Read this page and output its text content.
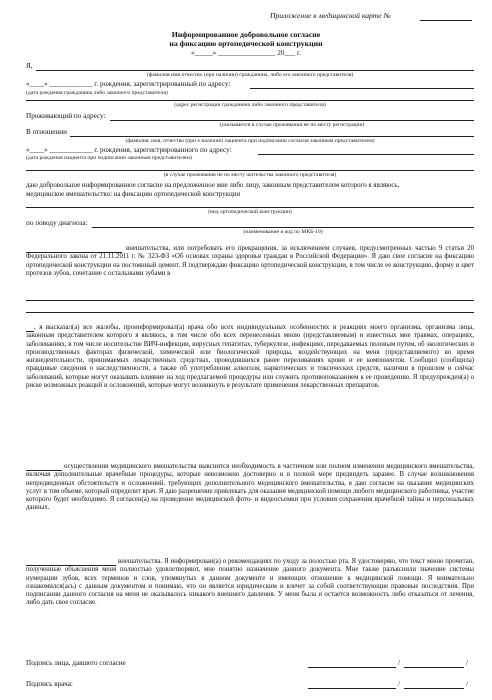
Приложение к медицинской карте №
Информированное добровольное согласие
на фиксацию ортопедической конструкции
«_____» ________________ 20___ г.
Я,
(фамилия имя отчество (при наличии) гражданина, либо его законного представителя)
«____» ____________ г. рождения, зарегистрированный по адресу:
(дата рождения гражданина либо законного представителя)
(адрес регистрации гражданина либо законного представителя)
Проживающий по адресу:
(указывается в случае проживания не по месту регистрации)
В отношении
(фамилия, имя, отчество (при е наличии) пациента при подписании согласия законным представителем)
«____» ____________ г. рождения, зарегистрированного по адресу:
(дата рождения пациента при подписании законным представителем)
(в случае проживания не по месту жительства законного представителя)
даю добровольное информированное согласие на предложенное мне либо лицу, законным представителем которого я являюсь,
медицинское вмешательство: на фиксацию ортопедической конструкции
(вид ортопедической конструкции)
по поводу диагноза:
(наименование и код по МКБ-10)
внешательства, или потребовать его прекращения, за исключением случаев, предусмотренных частью 9 статьи 20 Федерального закона от 21.11.2011 г. № 323-ФЗ «Об основах охраны здоровья граждан в Российской Федерации». Я даю свое согласие на фиксацию ортопедической конструкции на постоянный цемент. Я подтверждаю фиксацию ортопедической конструкции, в том числе ее конструкцию, форму и цвет протезов зубов, сочетание с остальными зубами в
, я высказал(а) все жалобы, проинформировал(а) врача обо всех индивидуальных особенностях и реакциях моего организма, организма лица, законным представителем которого я являюсь, в том числе обо всех перенесенных мною (представляемым) и известных мне травмах, операциях, заболеваниях, в том числе носительстве ВИЧ-инфекции, вирусных гепатитах, туберкулезе, инфекциях, передаваемых половым путем, об экологических и производственных факторах физической, химической или биологической природы, воздействующих на меня (представляемого) во время жизнедеятельности, принимаемых лекарственных средствах, проводившихся ранее переливаниях крови и ее компонентов. Сообщил (сообщила) правдивые сведения о наследственности, а также об употреблении алкоголя, наркотических и токсических средств, наличии в прошлом и сейчас заболеваний, которые могут оказывать влияние на ход предлагаемой процедуры или служить противопоказанием к ее проведению. Я предупрежден(а) о риске возможных реакций и осложнений, которые могут возникнуть в результате применения лекарственных препаратов.
осуществления медицинского вмешательства выяснится необходимость в частичном или полном изменении медицинского вмешательства, включая дополнительные врачебные процедуры, которые невозможно достоверно и в полной мере предвидеть заранее. В случае возникновения непредвиденных обстоятельств и осложнений, требующих дополнительного медицинского вмешательства, я даю согласие на оказание медицинских услуг в том объеме, который определит врач. Я даю разрешение привлекать для оказания медицинской помощи любого медицинского работника, участие которого будет необходимо. Я согласен(а) на проведение медицинской фото- и видеосъемки при условии сохранения врачебной тайны и персональных данных.
внешательства. Я информирован(а) о рекомендациях по уходу за полостью рта. Я удостоверяю, что текст мною прочитан, полученные объяснения меня полностью удовлетворяют, мне понятно назначение данного документа. Мне также разъяснили значение системы нумерации зубов, всех терминов и слов, упомянутых в данном документе и имеющих отношение к медицинской помощи. Я внимательно ознакомился(ась) с данным документом и понимаю, что он является юридическим и влечет за собой соответствующие правовые последствия. При подписании данного согласия на меня не оказывалось никакого внешнего давления. У меня была и остается возможность либо отказаться от лечения, либо дать свое согласие.
Подпись лица, давшего согласие	/	/
Подпись врача:	/	/
